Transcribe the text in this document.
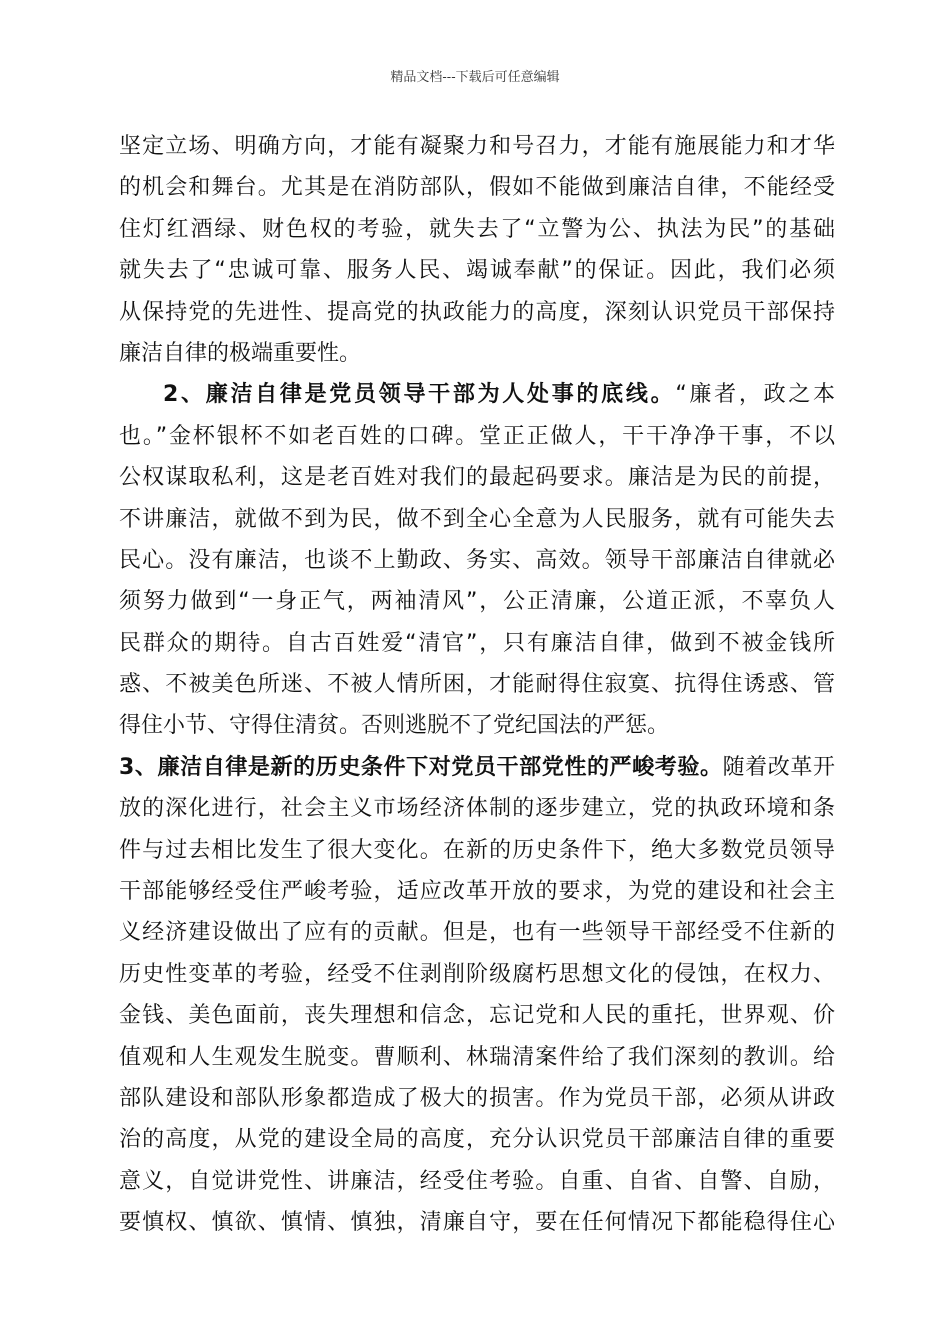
精品文档---下载后可任意编辑
坚定立场、明确方向，才能有凝聚力和号召力，才能有施展能力和才华
的机会和舞台。尤其是在消防部队，假如不能做到廉洁自律，不能经受
住灯红酒绿、财色权的考验，就失去了“立警为公、执法为民”的基础
就失去了“忠诚可靠、服务人民、竭诚奉献”的保证。因此，我们必须
从保持党的先进性、提高党的执政能力的高度，深刻认识党员干部保持
廉洁自律的极端重要性。
2、廉洁自律是党员领导干部为人处事的底线。“廉者，政之本
也。”金杯银杯不如老百姓的口碑。堂正正做人，干干净净干事，不以
公权谋取私利，这是老百姓对我们的最起码要求。廉洁是为民的前提，
不讲廉洁，就做不到为民，做不到全心全意为人民服务，就有可能失去
民心。没有廉洁，也谈不上勤政、务实、高效。领导干部廉洁自律就必
须努力做到“一身正气，两袖清风”，公正清廉，公道正派，不辜负人
民群众的期待。自古百姓爱“清官”，只有廉洁自律，做到不被金钱所
惑、不被美色所迷、不被人情所困，才能耐得住寂寞、抗得住诱惑、管
得住小节、守得住清贫。否则逃脱不了党纪国法的严惩。
3、廉洁自律是新的历史条件下对党员干部党性的严峻考验。随着改革开
放的深化进行，社会主义市场经济体制的逐步建立，党的执政环境和条
件与过去相比发生了很大变化。在新的历史条件下，绝大多数党员领导
干部能够经受住严峻考验，适应改革开放的要求，为党的建设和社会主
义经济建设做出了应有的贡献。但是，也有一些领导干部经受不住新的
历史性变革的考验，经受不住剥削阶级腐朽思想文化的侵蚀，在权力、
金钱、美色面前，丧失理想和信念，忘记党和人民的重托，世界观、价
值观和人生观发生脱变。曹顺利、林瑞清案件给了我们深刻的教训。给
部队建设和部队形象都造成了极大的损害。作为党员干部，必须从讲政
治的高度，从党的建设全局的高度，充分认识党员干部廉洁自律的重要
意义，自觉讲党性、讲廉洁，经受住考验。自重、自省、自警、自励，
要慎权、慎欲、慎情、慎独，清廉自守，要在任何情况下都能稳得住心
